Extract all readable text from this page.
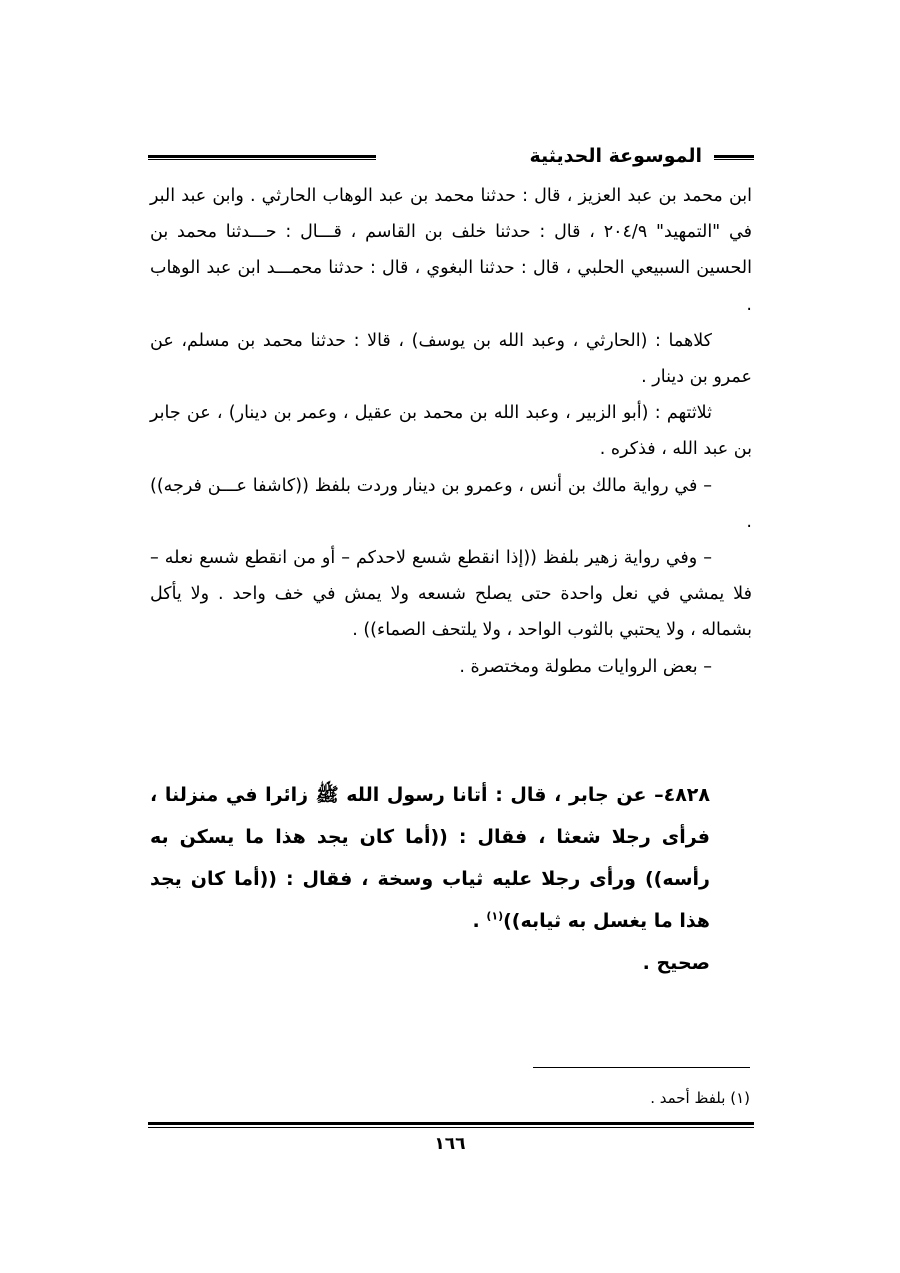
الموسوعة الحديثية

ابن محمد بن عبد العزيز ، قال : حدثنا محمد بن عبد الوهاب الحارثي . وابن عبد البر في "التمهيد" ٢٠٤/٩ ، قال : حدثنا خلف بن القاسم ، قـــال : حـــدثنا محمد بن الحسين السبيعي الحلبي ، قال : حدثنا البغوي ، قال : حدثنا محمـــد ابن عبد الوهاب .

كلاهما : (الحارثي ، وعبد الله بن يوسف) ، قالا : حدثنا محمد بن مسلم، عن عمرو بن دينار .

ثلاثتهم : (أبو الزبير ، وعبد الله بن محمد بن عقيل ، وعمر بن دينار) ، عن جابر بن عبد الله ، فذكره .

– في رواية مالك بن أنس ، وعمرو بن دينار وردت بلفظ ((كاشفا عـــن فرجه)) .

– وفي رواية زهير بلفظ ((إذا انقطع شسع لاحدكم – أو من انقطع شسع نعله – فلا يمشي في نعل واحدة حتى يصلح شسعه ولا يمش في خف واحد . ولا يأكل بشماله ، ولا يحتبي بالثوب الواحد ، ولا يلتحف الصماء)) .

– بعض الروايات مطولة ومختصرة .

٤٨٢٨– عن جابر ، قال : أتانا رسول الله ﷺ زائرا في منزلنا ، فرأى رجلا شعثا ، فقال : ((أما كان يجد هذا ما يسكن به رأسه)) ورأى رجلا عليه ثياب وسخة ، فقال : ((أما كان يجد هذا ما يغسل به ثيابه))$^{(١)}$ .

صحيح .

(١) بلفظ أحمد .
١٦٦
